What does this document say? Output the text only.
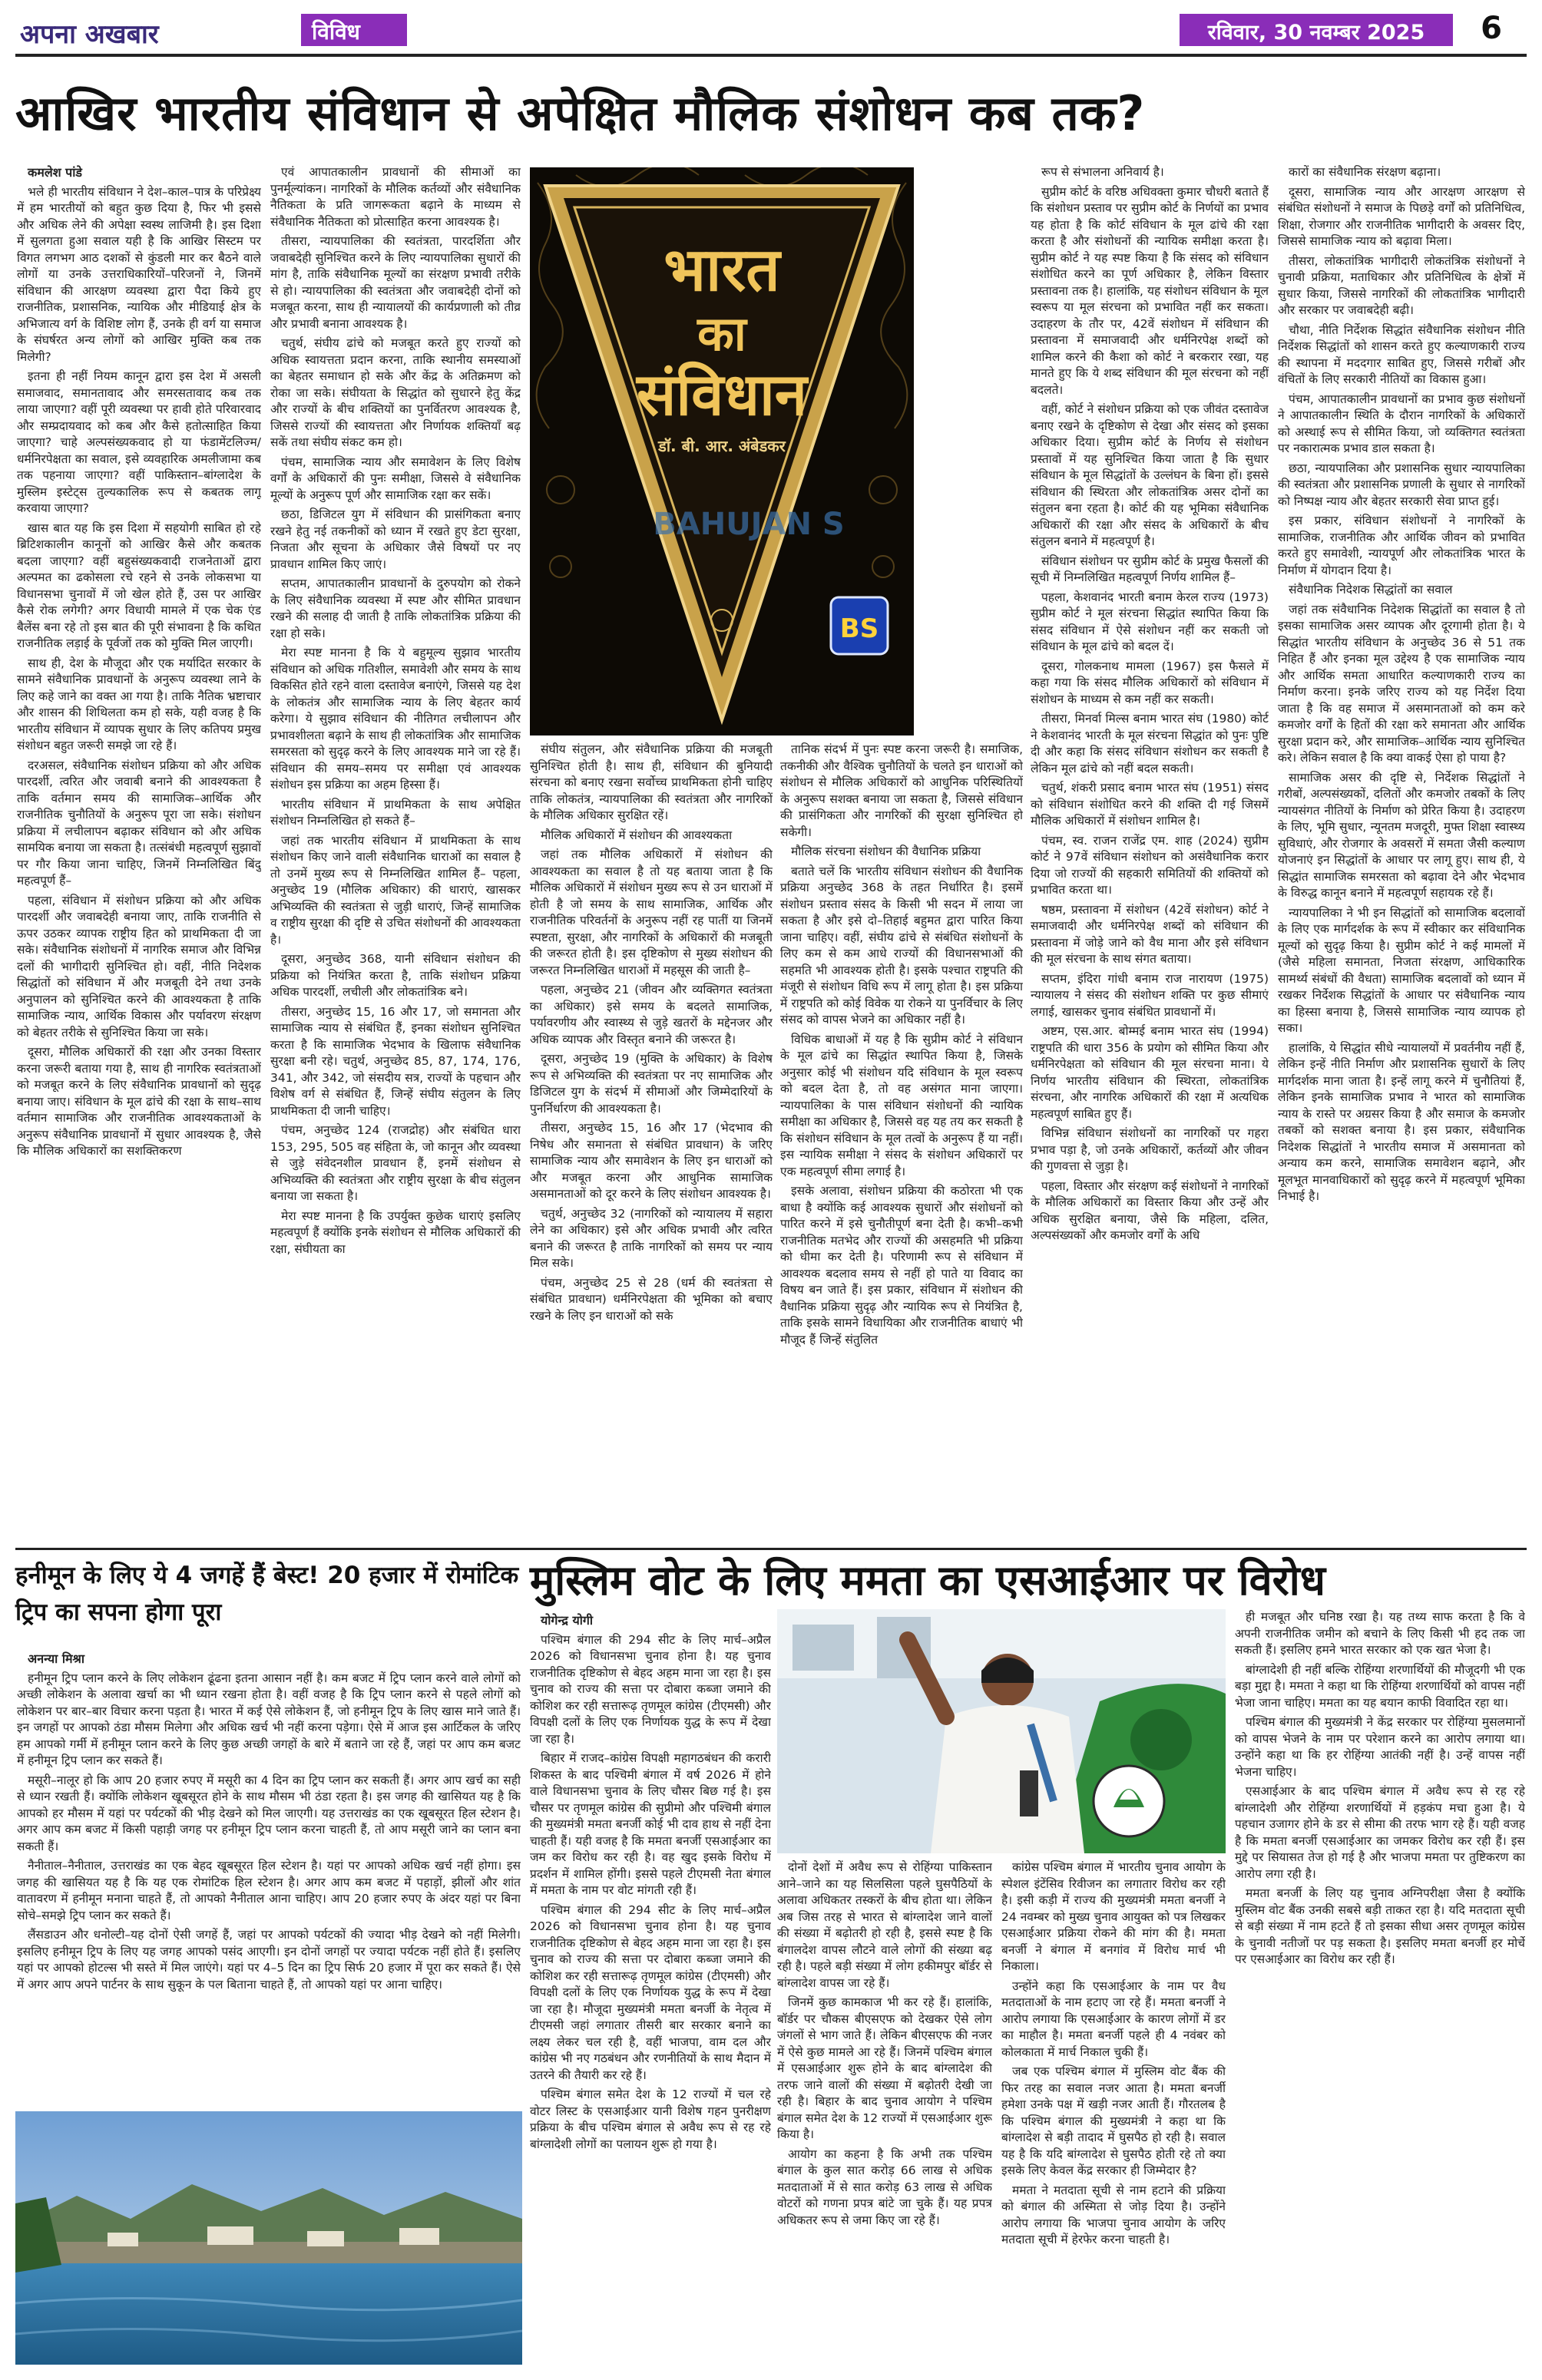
अपना अखबार	विविध	रविवार, 30 नवम्बर 2025	6
आखिर भारतीय संविधान से अपेक्षित मौलिक संशोधन कब तक?

कमलेश पांडे

भले ही भारतीय संविधान ने देश–काल–पात्र के परिप्रेक्ष्य में हम भारतीयों को बहुत कुछ दिया है, फिर भी इससे और अधिक लेने की अपेक्षा स्वस्थ लाजिमी है। इस दिशा में सुलगता हुआ सवाल यही है कि आखिर सिस्टम पर विगत लगभग आठ दशकों से कुंडली मार कर बैठने वाले लोगों या उनके उत्तराधिकारियों–परिजनों ने, जिनमें संविधान की आरक्षण व्यवस्था द्वारा पैदा किये हुए राजनीतिक, प्रशासनिक, न्यायिक और मीडियाई क्षेत्र के अभिजात्य वर्ग के विशिष्ट लोग हैं, उनके ही वर्ग या समाज के संघर्षरत अन्य लोगों को आखिर मुक्ति कब तक मिलेगी?

इतना ही नहीं नियम कानून द्वारा इस देश में असली समाजवाद, समानतावाद और समरसतावाद कब तक लाया जाएगा? वहीं पूरी व्यवस्था पर हावी होते परिवारवाद और सम्प्रदायवाद को कब और कैसे हतोत्साहित किया जाएगा? चाहे अल्पसंख्यकवाद हो या फंडामेंटलिज्म/धर्मनिरपेक्षता का सवाल, इसे व्यवहारिक अमलीजामा कब तक पहनाया जाएगा? वहीं पाकिस्तान–बांग्लादेश के मुस्लिम इस्टेट्स तुल्यकालिक रूप से कबतक लागू करवाया जाएगा?

खास बात यह कि इस दिशा में सहयोगी साबित हो रहे ब्रिटिशकालीन कानूनों को आखिर कैसे और कबतक बदला जाएगा? वहीं बहुसंख्यकवादी राजनेताओं द्वारा अल्पमत का ढकोसला रचे रहने से उनके लोकसभा या विधानसभा चुनावों में जो खेल होते हैं, उस पर आखिर कैसे रोक लगेगी? अगर विधायी मामले में एक चेक एंड बैलेंस बना रहे तो इस बात की पूरी संभावना है कि कथित राजनीतिक लड़ाई के पूर्वजों तक को मुक्ति मिल जाएगी।

साथ ही, देश के मौजूदा और एक मर्यादित सरकार के सामने संवैधानिक प्रावधानों के अनुरूप व्यवस्था लाने के लिए कहे जाने का वक्त आ गया है। ताकि नैतिक भ्रष्टाचार और शासन की शिथिलता कम हो सके, यही वजह है कि भारतीय संविधान में व्यापक सुधार के लिए कतिपय प्रमुख संशोधन बहुत जरूरी समझे जा रहे हैं।

दरअसल, संवैधानिक संशोधन प्रक्रिया को और अधिक पारदर्शी, त्वरित और जवाबी बनाने की आवश्यकता है ताकि वर्तमान समय की सामाजिक–आर्थिक और राजनीतिक चुनौतियों के अनुरूप पूरा जा सके। संशोधन प्रक्रिया में लचीलापन बढ़ाकर संविधान को और अधिक सामयिक बनाया जा सकता है। तत्संबंधी महत्वपूर्ण सुझावों पर गौर किया जाना चाहिए, जिनमें निम्नलिखित बिंदु महत्वपूर्ण हैं–

पहला, संविधान में संशोधन प्रक्रिया को और अधिक पारदर्शी और जवाबदेही बनाया जाए, ताकि राजनीति से ऊपर उठकर व्यापक राष्ट्रीय हित को प्राथमिकता दी जा सके। संवैधानिक संशोधनों में नागरिक समाज और विभिन्न दलों की भागीदारी सुनिश्चित हो। वहीं, नीति निदेशक सिद्धांतों को संविधान में और मजबूती देने तथा उनके अनुपालन को सुनिश्चित करने की आवश्यकता है ताकि सामाजिक न्याय, आर्थिक विकास और पर्यावरण संरक्षण को बेहतर तरीके से सुनिश्चित किया जा सके।

दूसरा, मौलिक अधिकारों की रक्षा और उनका विस्तार करना जरूरी बताया गया है, साथ ही नागरिक स्वतंत्रताओं को मजबूत करने के लिए संवैधानिक प्रावधानों को सुदृढ़ बनाया जाए। संविधान के मूल ढांचे की रक्षा के साथ–साथ वर्तमान सामाजिक और राजनीतिक आवश्यकताओं के अनुरूप संवैधानिक प्रावधानों में सुधार आवश्यक है, जैसे कि मौलिक अधिकारों का सशक्तिकरण

एवं आपातकालीन प्रावधानों की सीमाओं का पुनर्मूल्यांकन। नागरिकों के मौलिक कर्तव्यों और संवैधानिक नैतिकता के प्रति जागरूकता बढ़ाने के माध्यम से संवैधानिक नैतिकता को प्रोत्साहित करना आवश्यक है।

तीसरा, न्यायपालिका की स्वतंत्रता, पारदर्शिता और जवाबदेही सुनिश्चित करने के लिए न्यायपालिका सुधारों की मांग है, ताकि संवैधानिक मूल्यों का संरक्षण प्रभावी तरीके से हो। न्यायपालिका की स्वतंत्रता और जवाबदेही दोनों को मजबूत करना, साथ ही न्यायालयों की कार्यप्रणाली को तीव्र और प्रभावी बनाना आवश्यक है।

चतुर्थ, संघीय ढांचे को मजबूत करते हुए राज्यों को अधिक स्वायत्तता प्रदान करना, ताकि स्थानीय समस्याओं का बेहतर समाधान हो सके और केंद्र के अतिक्रमण को रोका जा सके। संघीयता के सिद्धांत को सुधारने हेतु केंद्र और राज्यों के बीच शक्तियों का पुनर्वितरण आवश्यक है, जिससे राज्यों की स्वायत्तता और निर्णायक शक्तियाँ बढ़ सकें तथा संघीय संकट कम हो।

पंचम, सामाजिक न्याय और समावेशन के लिए विशेष वर्गों के अधिकारों की पुनः समीक्षा, जिससे वे संवैधानिक मूल्यों के अनुरूप पूर्ण और सामाजिक रक्षा कर सकें।

छठा, डिजिटल युग में संविधान की प्रासंगिकता बनाए रखने हेतु नई तकनीकों को ध्यान में रखते हुए डेटा सुरक्षा, निजता और सूचना के अधिकार जैसे विषयों पर नए प्रावधान शामिल किए जाएं।

सप्तम, आपातकालीन प्रावधानों के दुरुपयोग को रोकने के लिए संवैधानिक व्यवस्था में स्पष्ट और सीमित प्रावधान रखने की सलाह दी जाती है ताकि लोकतांत्रिक प्रक्रिया की रक्षा हो सके।

मेरा स्पष्ट मानना है कि ये बहुमूल्य सुझाव भारतीय संविधान को अधिक गतिशील, समावेशी और समय के साथ विकसित होते रहने वाला दस्तावेज बनाएंगे, जिससे यह देश के लोकतंत्र और सामाजिक न्याय के लिए बेहतर कार्य करेगा। ये सुझाव संविधान की नीतिगत लचीलापन और प्रभावशीलता बढ़ाने के साथ ही लोकतांत्रिक और सामाजिक समरसता को सुदृढ़ करने के लिए आवश्यक माने जा रहे हैं। संविधान की समय–समय पर समीक्षा एवं आवश्यक संशोधन इस प्रक्रिया का अहम हिस्सा हैं।

भारतीय संविधान में प्राथमिकता के साथ अपेक्षित संशोधन निम्नलिखित हो सकते हैं–

जहां तक भारतीय संविधान में प्राथमिकता के साथ संशोधन किए जाने वाली संवैधानिक धाराओं का सवाल है तो उनमें मुख्य रूप से निम्नलिखित शामिल हैं– पहला, अनुच्छेद 19 (मौलिक अधिकार) की धाराएं, खासकर अभिव्यक्ति की स्वतंत्रता से जुड़ी धाराएं, जिन्हें सामाजिक व राष्ट्रीय सुरक्षा की दृष्टि से उचित संशोधनों की आवश्यकता है।

दूसरा, अनुच्छेद 368, यानी संविधान संशोधन की प्रक्रिया को नियंत्रित करता है, ताकि संशोधन प्रक्रिया अधिक पारदर्शी, लचीली और लोकतांत्रिक बने।

तीसरा, अनुच्छेद 15, 16 और 17, जो समानता और सामाजिक न्याय से संबंधित हैं, इनका संशोधन सुनिश्चित करता है कि सामाजिक भेदभाव के खिलाफ संवैधानिक सुरक्षा बनी रहे। चतुर्थ, अनुच्छेद 85, 87, 174, 176, 341, और 342, जो संसदीय सत्र, राज्यों के पहचान और विशेष वर्ग से संबंधित हैं, जिन्हें संघीय संतुलन के लिए प्राथमिकता दी जानी चाहिए।

पंचम, अनुच्छेद 124 (राजद्रोह) और संबंधित धारा 153, 295, 505 वह संहिता के, जो कानून और व्यवस्था से जुड़े संवेदनशील प्रावधान हैं, इनमें संशोधन से अभिव्यक्ति की स्वतंत्रता और राष्ट्रीय सुरक्षा के बीच संतुलन बनाया जा सकता है।

मेरा स्पष्ट मानना है कि उपर्युक्त कुछेक धाराएं इसलिए महत्वपूर्ण हैं क्योंकि इनके संशोधन से मौलिक अधिकारों की रक्षा, संघीयता का

भारत
का
संविधान
डॉ. बी. आर. अंबेडकर
BAHUJAN S
BS

संघीय संतुलन, और संवैधानिक प्रक्रिया की मजबूती सुनिश्चित होती है। साथ ही, संविधान की बुनियादी संरचना को बनाए रखना सर्वोच्च प्राथमिकता होनी चाहिए ताकि लोकतंत्र, न्यायपालिका की स्वतंत्रता और नागरिकों के मौलिक अधिकार सुरक्षित रहें।

मौलिक अधिकारों में संशोधन की आवश्यकता

जहां तक मौलिक अधिकारों में संशोधन की आवश्यकता का सवाल है तो यह बताया जाता है कि मौलिक अधिकारों में संशोधन मुख्य रूप से उन धाराओं में होती है जो समय के साथ सामाजिक, आर्थिक और राजनीतिक परिवर्तनों के अनुरूप नहीं रह पातीं या जिनमें स्पष्टता, सुरक्षा, और नागरिकों के अधिकारों की मजबूती की जरूरत होती है। इस दृष्टिकोण से मुख्य संशोधन की जरूरत निम्नलिखित धाराओं में महसूस की जाती है–

पहला, अनुच्छेद 21 (जीवन और व्यक्तिगत स्वतंत्रता का अधिकार) इसे समय के बदलते सामाजिक, पर्यावरणीय और स्वास्थ्य से जुड़े खतरों के मद्देनजर और अधिक व्यापक और विस्तृत बनाने की जरूरत है।

दूसरा, अनुच्छेद 19 (मुक्ति के अधिकार) के विशेष रूप से अभिव्यक्ति की स्वतंत्रता पर नए सामाजिक और डिजिटल युग के संदर्भ में सीमाओं और जिम्मेदारियों के पुनर्निर्धारण की आवश्यकता है।

तीसरा, अनुच्छेद 15, 16 और 17 (भेदभाव की निषेध और समानता से संबंधित प्रावधान) के जरिए सामाजिक न्याय और समावेशन के लिए इन धाराओं को और मजबूत करना और आधुनिक सामाजिक असमानताओं को दूर करने के लिए संशोधन आवश्यक है।

चतुर्थ, अनुच्छेद 32 (नागरिकों को न्यायालय में सहारा लेने का अधिकार) इसे और अधिक प्रभावी और त्वरित बनाने की जरूरत है ताकि नागरिकों को समय पर न्याय मिल सके।

पंचम, अनुच्छेद 25 से 28 (धर्म की स्वतंत्रता से संबंधित प्रावधान) धर्मनिरपेक्षता की भूमिका को बचाए रखने के लिए इन धाराओं को सके

तानिक संदर्भ में पुनः स्पष्ट करना जरूरी है। समाजिक, तकनीकी और वैश्विक चुनौतियों के चलते इन धाराओं को संशोधन से मौलिक अधिकारों को आधुनिक परिस्थितियों के अनुरूप सशक्त बनाया जा सकता है, जिससे संविधान की प्रासंगिकता और नागरिकों की सुरक्षा सुनिश्चित हो सकेगी।

मौलिक संरचना संशोधन की वैधानिक प्रक्रिया

बताते चलें कि भारतीय संविधान संशोधन की वैधानिक प्रक्रिया अनुच्छेद 368 के तहत निर्धारित है। इसमें संशोधन प्रस्ताव संसद के किसी भी सदन में लाया जा सकता है और इसे दो–तिहाई बहुमत द्वारा पारित किया जाना चाहिए। वहीं, संघीय ढांचे से संबंधित संशोधनों के लिए कम से कम आधे राज्यों की विधानसभाओं की सहमति भी आवश्यक होती है। इसके पश्चात राष्ट्रपति की मंजूरी से संशोधन विधि रूप में लागू होता है। इस प्रक्रिया में राष्ट्रपति को कोई विवेक या रोकने या पुनर्विचार के लिए संसद को वापस भेजने का अधिकार नहीं है।

विधिक बाधाओं में यह है कि सुप्रीम कोर्ट ने संविधान के मूल ढांचे का सिद्धांत स्थापित किया है, जिसके अनुसार कोई भी संशोधन यदि संविधान के मूल स्वरूप को बदल देता है, तो वह असंगत माना जाएगा। न्यायपालिका के पास संविधान संशोधनों की न्यायिक समीक्षा का अधिकार है, जिससे वह यह तय कर सकती है कि संशोधन संविधान के मूल तत्वों के अनुरूप हैं या नहीं। इस न्यायिक समीक्षा ने संसद के संशोधन अधिकारों पर एक महत्वपूर्ण सीमा लगाई है।

इसके अलावा, संशोधन प्रक्रिया की कठोरता भी एक बाधा है क्योंकि कई आवश्यक सुधारों और संशोधनों को पारित करने में इसे चुनौतीपूर्ण बना देती है। कभी–कभी राजनीतिक मतभेद और राज्यों की असहमति भी प्रक्रिया को धीमा कर देती है। परिणामी रूप से संविधान में आवश्यक बदलाव समय से नहीं हो पाते या विवाद का विषय बन जाते हैं। इस प्रकार, संविधान में संशोधन की वैधानिक प्रक्रिया सुदृढ़ और न्यायिक रूप से नियंत्रित है, ताकि इसके सामने विधायिका और राजनीतिक बाधाएं भी मौजूद हैं जिन्हें संतुलित

रूप से संभालना अनिवार्य है।

सुप्रीम कोर्ट के वरिष्ठ अधिवक्ता कुमार चौधरी बताते हैं कि संशोधन प्रस्ताव पर सुप्रीम कोर्ट के निर्णयों का प्रभाव यह होता है कि कोर्ट संविधान के मूल ढांचे की रक्षा करता है और संशोधनों की न्यायिक समीक्षा करता है। सुप्रीम कोर्ट ने यह स्पष्ट किया है कि संसद को संविधान संशोधित करने का पूर्ण अधिकार है, लेकिन विस्तार प्रस्तावना तक है। हालांकि, यह संशोधन संविधान के मूल स्वरूप या मूल संरचना को प्रभावित नहीं कर सकता। उदाहरण के तौर पर, 42वें संशोधन में संविधान की प्रस्तावना में समाजवादी और धर्मनिरपेक्ष शब्दों को शामिल करने की कैशा को कोर्ट ने बरकरार रखा, यह मानते हुए कि ये शब्द संविधान की मूल संरचना को नहीं बदलते।

वहीं, कोर्ट ने संशोधन प्रक्रिया को एक जीवंत दस्तावेज बनाए रखने के दृष्टिकोण से देखा और संसद को इसका अधिकार दिया। सुप्रीम कोर्ट के निर्णय से संशोधन प्रस्तावों में यह सुनिश्चित किया जाता है कि सुधार संविधान के मूल सिद्धांतों के उल्लंघन के बिना हों। इससे संविधान की स्थिरता और लोकतांत्रिक असर दोनों का संतुलन बना रहता है। कोर्ट की यह भूमिका संवैधानिक अधिकारों की रक्षा और संसद के अधिकारों के बीच संतुलन बनाने में महत्वपूर्ण है।

संविधान संशोधन पर सुप्रीम कोर्ट के प्रमुख फैसलों की सूची में निम्नलिखित महत्वपूर्ण निर्णय शामिल हैं–

पहला, केशवानंद भारती बनाम केरल राज्य (1973) सुप्रीम कोर्ट ने मूल संरचना सिद्धांत स्थापित किया कि संसद संविधान में ऐसे संशोधन नहीं कर सकती जो संविधान के मूल ढांचे को बदल दें।

दूसरा, गोलकनाथ मामला (1967) इस फैसले में कहा गया कि संसद मौलिक अधिकारों को संविधान में संशोधन के माध्यम से कम नहीं कर सकती।

तीसरा, मिनर्वा मिल्स बनाम भारत संघ (1980) कोर्ट ने केशवानंद भारती के मूल संरचना सिद्धांत को पुनः पुष्टि दी और कहा कि संसद संविधान संशोधन कर सकती है लेकिन मूल ढांचे को नहीं बदल सकती।

चतुर्थ, शंकरी प्रसाद बनाम भारत संघ (1951) संसद को संविधान संशोधित करने की शक्ति दी गई जिसमें मौलिक अधिकारों में संशोधन शामिल है।

पंचम, स्व. राजन राजेंद्र एम. शाह (2024) सुप्रीम कोर्ट ने 97वें संविधान संशोधन को असंवैधानिक करार दिया जो राज्यों की सहकारी समितियों की शक्तियों को प्रभावित करता था।

षष्ठम, प्रस्तावना में संशोधन (42वें संशोधन) कोर्ट ने समाजवादी और धर्मनिरपेक्ष शब्दों को संविधान की प्रस्तावना में जोड़े जाने को वैध माना और इसे संविधान की मूल संरचना के साथ संगत बताया।

सप्तम, इंदिरा गांधी बनाम राज नारायण (1975) न्यायालय ने संसद की संशोधन शक्ति पर कुछ सीमाएं लगाई, खासकर चुनाव संबंधित प्रावधानों में।

अष्टम, एस.आर. बोम्मई बनाम भारत संघ (1994) राष्ट्रपति की धारा 356 के प्रयोग को सीमित किया और धर्मनिरपेक्षता को संविधान की मूल संरचना माना। ये निर्णय भारतीय संविधान की स्थिरता, लोकतांत्रिक संरचना, और नागरिक अधिकारों की रक्षा में अत्यधिक महत्वपूर्ण साबित हुए हैं।

विभिन्न संविधान संशोधनों का नागरिकों पर गहरा प्रभाव पड़ा है, जो उनके अधिकारों, कर्तव्यों और जीवन की गुणवत्ता से जुड़ा है।

पहला, विस्तार और संरक्षण कई संशोधनों ने नागरिकों के मौलिक अधिकारों का विस्तार किया और उन्हें और अधिक सुरक्षित बनाया, जैसे कि महिला, दलित, अल्पसंख्यकों और कमजोर वर्गों के अधि

कारों का संवैधानिक संरक्षण बढ़ाना।

दूसरा, सामाजिक न्याय और आरक्षण आरक्षण से संबंधित संशोधनों ने समाज के पिछड़े वर्गों को प्रतिनिधित्व, शिक्षा, रोजगार और राजनीतिक भागीदारी के अवसर दिए, जिससे सामाजिक न्याय को बढ़ावा मिला।

तीसरा, लोकतांत्रिक भागीदारी लोकतंत्रिक संशोधनों ने चुनावी प्रक्रिया, मताधिकार और प्रतिनिधित्व के क्षेत्रों में सुधार किया, जिससे नागरिकों की लोकतांत्रिक भागीदारी और सरकार पर जवाबदेही बढ़ी।

चौथा, नीति निर्देशक सिद्धांत संवैधानिक संशोधन नीति निर्देशक सिद्धांतों को शासन करते हुए कल्याणकारी राज्य की स्थापना में मददगार साबित हुए, जिससे गरीबों और वंचितों के लिए सरकारी नीतियों का विकास हुआ।

पंचम, आपातकालीन प्रावधानों का प्रभाव कुछ संशोधनों ने आपातकालीन स्थिति के दौरान नागरिकों के अधिकारों को अस्थाई रूप से सीमित किया, जो व्यक्तिगत स्वतंत्रता पर नकारात्मक प्रभाव डाल सकता है।

छठा, न्यायपालिका और प्रशासनिक सुधार न्यायपालिका की स्वतंत्रता और प्रशासनिक प्रणाली के सुधार से नागरिकों को निष्पक्ष न्याय और बेहतर सरकारी सेवा प्राप्त हुई।

इस प्रकार, संविधान संशोधनों ने नागरिकों के सामाजिक, राजनीतिक और आर्थिक जीवन को प्रभावित करते हुए समावेशी, न्यायपूर्ण और लोकतांत्रिक भारत के निर्माण में योगदान दिया है।

संवैधानिक निदेशक सिद्धांतों का सवाल

जहां तक संवैधानिक निदेशक सिद्धांतों का सवाल है तो इसका सामाजिक असर व्यापक और दूरगामी होता है। ये सिद्धांत भारतीय संविधान के अनुच्छेद 36 से 51 तक निहित हैं और इनका मूल उद्देश्य है एक सामाजिक न्याय और आर्थिक समता आधारित कल्याणकारी राज्य का निर्माण करना। इनके जरिए राज्य को यह निर्देश दिया जाता है कि वह समाज में असमानताओं को कम करे कमजोर वर्गों के हितों की रक्षा करे समानता और आर्थिक सुरक्षा प्रदान करे, और सामाजिक–आर्थिक न्याय सुनिश्चित करे। लेकिन सवाल है कि क्या वाकई ऐसा हो पाया है?

सामाजिक असर की दृष्टि से, निर्देशक सिद्धांतों ने गरीबों, अल्पसंख्यकों, दलितों और कमजोर तबकों के लिए न्यायसंगत नीतियों के निर्माण को प्रेरित किया है। उदाहरण के लिए, भूमि सुधार, न्यूनतम मजदूरी, मुफ्त शिक्षा स्वास्थ्य सुविधाएं, और रोजगार के अवसरों में समता जैसी कल्याण योजनाएं इन सिद्धांतों के आधार पर लागू हुए। साथ ही, ये सिद्धांत सामाजिक समरसता को बढ़ावा देने और भेदभाव के विरुद्ध कानून बनाने में महत्वपूर्ण सहायक रहे हैं।

न्यायपालिका ने भी इन सिद्धांतों को सामाजिक बदलावों के लिए एक मार्गदर्शक के रूप में स्वीकार कर संविधानिक मूल्यों को सुदृढ़ किया है। सुप्रीम कोर्ट ने कई मामलों में (जैसे महिला समानता, निजता संरक्षण, आधिकारिक सामर्थ्य संबंधों की वैधता) सामाजिक बदलावों को ध्यान में रखकर निर्देशक सिद्धांतों के आधार पर संवैधानिक न्याय का हिस्सा बनाया है, जिससे सामाजिक न्याय व्यापक हो सका।

हालांकि, ये सिद्धांत सीधे न्यायालयों में प्रवर्तनीय नहीं हैं, लेकिन इन्हें नीति निर्माण और प्रशासनिक सुधारों के लिए मार्गदर्शक माना जाता है। इन्हें लागू करने में चुनौतियां हैं, लेकिन इनके सामाजिक प्रभाव ने भारत को सामाजिक न्याय के रास्ते पर अग्रसर किया है और समाज के कमजोर तबकों को सशक्त बनाया है। इस प्रकार, संवैधानिक निदेशक सिद्धांतों ने भारतीय समाज में असमानता को अन्याय कम करने, सामाजिक समावेशन बढ़ाने, और मूलभूत मानवाधिकारों को सुदृढ़ करने में महत्वपूर्ण भूमिका निभाई है।

हनीमून के लिए ये 4 जगहें हैं बेस्ट! 20 हजार में रोमांटिक ट्रिप का सपना होगा पूरा

अनन्या मिश्रा

हनीमून ट्रिप प्लान करने के लिए लोकेशन ढूंढना इतना आसान नहीं है। कम बजट में ट्रिप प्लान करने वाले लोगों को अच्छी लोकेशन के अलावा खर्चा का भी ध्यान रखना होता है। वहीं वजह है कि ट्रिप प्लान करने से पहले लोगों को लोकेशन पर बार–बार विचार करना पड़ता है। भारत में कई ऐसे लोकेशन हैं, जो हनीमून ट्रिप के लिए खास माने जाते हैं। इन जगहों पर आपको ठंडा मौसम मिलेगा और अधिक खर्च भी नहीं करना पड़ेगा। ऐसे में आज इस आर्टिकल के जरिए हम आपको गर्मी में हनीमून प्लान करने के लिए कुछ अच्छी जगहों के बारे में बताने जा रहे हैं, जहां पर आप कम बजट में हनीमून ट्रिप प्लान कर सकते हैं।

मसूरी–नालूर हो कि आप 20 हजार रुपए में मसूरी का 4 दिन का ट्रिप प्लान कर सकती हैं। अगर आप खर्च का सही से ध्यान रखती हैं। क्योंकि लोकेशन खूबसूरत होने के साथ मौसम भी ठंडा रहता है। इस जगह की खासियत यह है कि आपको हर मौसम में यहां पर पर्यटकों की भीड़ देखने को मिल जाएगी। यह उत्तराखंड का एक खूबसूरत हिल स्टेशन है। अगर आप कम बजट में किसी पहाड़ी जगह पर हनीमून ट्रिप प्लान करना चाहती हैं, तो आप मसूरी जाने का प्लान बना सकती हैं।

नैनीताल–नैनीताल, उत्तराखंड का एक बेहद खूबसूरत हिल स्टेशन है। यहां पर आपको अधिक खर्च नहीं होगा। इस जगह की खासियत यह है कि यह एक रोमांटिक हिल स्टेशन है। अगर आप कम बजट में पहाड़ों, झीलों और शांत वातावरण में हनीमून मनाना चाहते हैं, तो आपको नैनीताल आना चाहिए। आप 20 हजार रुपए के अंदर यहां पर बिना सोचे–समझे ट्रिप प्लान कर सकते हैं।

लैंसडाउन और धनोल्टी–यह दोनों ऐसी जगहें हैं, जहां पर आपको पर्यटकों की ज्यादा भीड़ देखने को नहीं मिलेगी। इसलिए हनीमून ट्रिप के लिए यह जगह आपको पसंद आएगी। इन दोनों जगहों पर ज्यादा पर्यटक नहीं होते हैं। इसलिए यहां पर आपको होटल्स भी सस्ते में मिल जाएंगे। यहां पर 4–5 दिन का ट्रिप सिर्फ 20 हजार में पूरा कर सकते हैं। ऐसे में अगर आप अपने पार्टनर के साथ सुकून के पल बिताना चाहते हैं, तो आपको यहां पर आना चाहिए।

मुस्लिम वोट के लिए ममता का एसआईआर पर विरोध

योगेन्द्र योगी

पश्चिम बंगाल की 294 सीट के लिए मार्च–अप्रैल 2026 को विधानसभा चुनाव होना है। यह चुनाव राजनीतिक दृष्टिकोण से बेहद अहम माना जा रहा है। इस चुनाव को राज्य की सत्ता पर दोबारा कब्जा जमाने की कोशिश कर रही सत्तारूढ़ तृणमूल कांग्रेस (टीएमसी) और विपक्षी दलों के लिए एक निर्णायक युद्ध के रूप में देखा जा रहा है।

बिहार में राजद–कांग्रेस विपक्षी महागठबंधन की करारी शिकस्त के बाद पश्चिमी बंगाल में वर्ष 2026 में होने वाले विधानसभा चुनाव के लिए चौसर बिछ गई है। इस चौसर पर तृणमूल कांग्रेस की सुप्रीमो और पश्चिमी बंगाल की मुख्यमंत्री ममता बनर्जी कोई भी दाव हाथ से नहीं देना चाहती हैं। यही वजह है कि ममता बनर्जी एसआईआर का जम कर विरोध कर रही है। वह खुद इसके विरोध में प्रदर्शन में शामिल होंगी। इससे पहले टीएमसी नेता बंगाल में ममता के नाम पर वोट मांगती रही हैं।

पश्चिम बंगाल की 294 सीट के लिए मार्च–अप्रैल 2026 को विधानसभा चुनाव होना है। यह चुनाव राजनीतिक दृष्टिकोण से बेहद अहम माना जा रहा है। इस चुनाव को राज्य की सत्ता पर दोबारा कब्जा जमाने की कोशिश कर रही सत्तारूढ़ तृणमूल कांग्रेस (टीएमसी) और विपक्षी दलों के लिए एक निर्णायक युद्ध के रूप में देखा जा रहा है। मौजूदा मुख्यमंत्री ममता बनर्जी के नेतृत्व में टीएमसी जहां लगातार तीसरी बार सरकार बनाने का लक्ष्य लेकर चल रही है, वहीं भाजपा, वाम दल और कांग्रेस भी नए गठबंधन और रणनीतियों के साथ मैदान में उतरने की तैयारी कर रहे हैं।

पश्चिम बंगाल समेत देश के 12 राज्यों में चल रहे वोटर लिस्ट के एसआईआर यानी विशेष गहन पुनरीक्षण प्रक्रिया के बीच पश्चिम बंगाल से अवैध रूप से रह रहे बांग्लादेशी लोगों का पलायन शुरू हो गया है।

दोनों देशों में अवैध रूप से रोहिंग्या पाकिस्तान आने–जाने का यह सिलसिला पहले घुसपैठियों के अलावा अधिकतर तस्करों के बीच होता था। लेकिन अब जिस तरह से भारत से बांग्लादेश जाने वालों की संख्या में बढ़ोतरी हो रही है, इससे स्पष्ट है कि बंगालदेश वापस लौटने वाले लोगों की संख्या बढ़ रही है। पहले बड़ी संख्या में लोग हकीमपुर बॉर्डर से बांग्लादेश वापस जा रहे हैं।

जिनमें कुछ कामकाज भी कर रहे हैं। हालांकि, बॉर्डर पर चौकस बीएसएफ को देखकर ऐसे लोग जंगलों से भाग जाते हैं। लेकिन बीएसएफ की नजर में ऐसे कुछ मामले आ रहे हैं। जिनमें पश्चिम बंगाल में एसआईआर शुरू होने के बाद बांग्लादेश की तरफ जाने वालों की संख्या में बढ़ोतरी देखी जा रही है। बिहार के बाद चुनाव आयोग ने पश्चिम बंगाल समेत देश के 12 राज्यों में एसआईआर शुरू किया है।

आयोग का कहना है कि अभी तक पश्चिम बंगाल के कुल सात करोड़ 66 लाख से अधिक मतदाताओं में से सात करोड़ 63 लाख से अधिक वोटरों को गणना प्रपत्र बांटे जा चुके हैं। यह प्रपत्र अधिकतर रूप से जमा किए जा रहे हैं।

कांग्रेस पश्चिम बंगाल में भारतीय चुनाव आयोग के स्पेशल इंटेंसिव रिवीजन का लगातार विरोध कर रही है। इसी कड़ी में राज्य की मुख्यमंत्री ममता बनर्जी ने 24 नवम्बर को मुख्य चुनाव आयुक्त को पत्र लिखकर एसआईआर प्रक्रिया रोकने की मांग की है। ममता बनर्जी ने बंगाल में बनगांव में विरोध मार्च भी निकाला।

उन्होंने कहा कि एसआईआर के नाम पर वैध मतदाताओं के नाम हटाए जा रहे हैं। ममता बनर्जी ने आरोप लगाया कि एसआईआर के कारण लोगों में डर का माहौल है। ममता बनर्जी पहले ही 4 नवंबर को कोलकाता में मार्च निकाल चुकी हैं।

जब एक पश्चिम बंगाल में मुस्लिम वोट बैंक की फिर तरह का सवाल नजर आता है। ममता बनर्जी हमेशा उनके पक्ष में खड़ी नजर आती हैं। गौरतलब है कि पश्चिम बंगाल की मुख्यमंत्री ने कहा था कि बांग्लादेश से बड़ी तादाद में घुसपैठ हो रही है। सवाल यह है कि यदि बांग्लादेश से घुसपैठ होती रहे तो क्या इसके लिए केवल केंद्र सरकार ही जिम्मेदार है?

ममता ने मतदाता सूची से नाम हटाने की प्रक्रिया को बंगाल की अस्मिता से जोड़ दिया है। उन्होंने आरोप लगाया कि भाजपा चुनाव आयोग के जरिए मतदाता सूची में हेरफेर करना चाहती है।

ही मजबूत और घनिष्ठ रखा है। यह तथ्य साफ करता है कि वे अपनी राजनीतिक जमीन को बचाने के लिए किसी भी हद तक जा सकती हैं। इसलिए हमने भारत सरकार को एक खत भेजा है।

बांग्लादेशी ही नहीं बल्कि रोहिंग्या शरणार्थियों की मौजूदगी भी एक बड़ा मुद्दा है। ममता ने कहा था कि रोहिंग्या शरणार्थियों को वापस नहीं भेजा जाना चाहिए। ममता का यह बयान काफी विवादित रहा था।

पश्चिम बंगाल की मुख्यमंत्री ने केंद्र सरकार पर रोहिंग्या मुसलमानों को वापस भेजने के नाम पर परेशान करने का आरोप लगाया था। उन्होंने कहा था कि हर रोहिंग्या आतंकी नहीं है। उन्हें वापस नहीं भेजना चाहिए।

एसआईआर के बाद पश्चिम बंगाल में अवैध रूप से रह रहे बांग्लादेशी और रोहिंग्या शरणार्थियों में हड़कंप मचा हुआ है। ये पहचान उजागर होने के डर से सीमा की तरफ भाग रहे हैं। यही वजह है कि ममता बनर्जी एसआईआर का जमकर विरोध कर रही हैं। इस मुद्दे पर सियासत तेज हो गई है और भाजपा ममता पर तुष्टिकरण का आरोप लगा रही है।

ममता बनर्जी के लिए यह चुनाव अग्निपरीक्षा जैसा है क्योंकि मुस्लिम वोट बैंक उनकी सबसे बड़ी ताकत रहा है। यदि मतदाता सूची से बड़ी संख्या में नाम हटते हैं तो इसका सीधा असर तृणमूल कांग्रेस के चुनावी नतीजों पर पड़ सकता है। इसलिए ममता बनर्जी हर मोर्चे पर एसआईआर का विरोध कर रही हैं।
